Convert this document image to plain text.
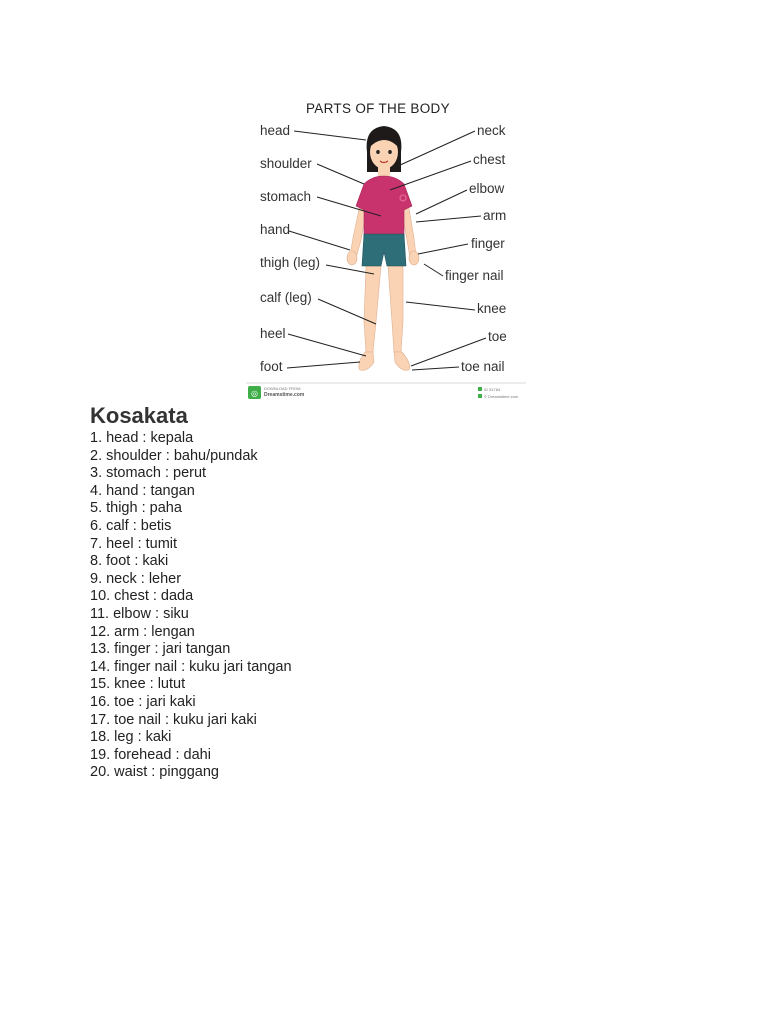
PARTS OF THE BODY
head
shoulder
stomach
hand
thigh (leg)
calf (leg)
heel
foot
neck
chest
elbow
arm
finger
finger nail
knee
toe
toe nail
◎
DOWNLOAD FROM
Dreamstime.com
ID 51784
© Dreamstime.com
Kosakata
1. head : kepala
2. shoulder : bahu/pundak
3. stomach : perut
4. hand : tangan
5. thigh : paha
6. calf : betis
7. heel : tumit
8. foot : kaki
9. neck : leher
10. chest : dada
11. elbow : siku
12. arm : lengan
13. finger : jari tangan
14. finger nail : kuku jari tangan
15. knee : lutut
16. toe : jari kaki
17. toe nail : kuku jari kaki
18. leg : kaki
19. forehead : dahi
20. waist : pinggang
